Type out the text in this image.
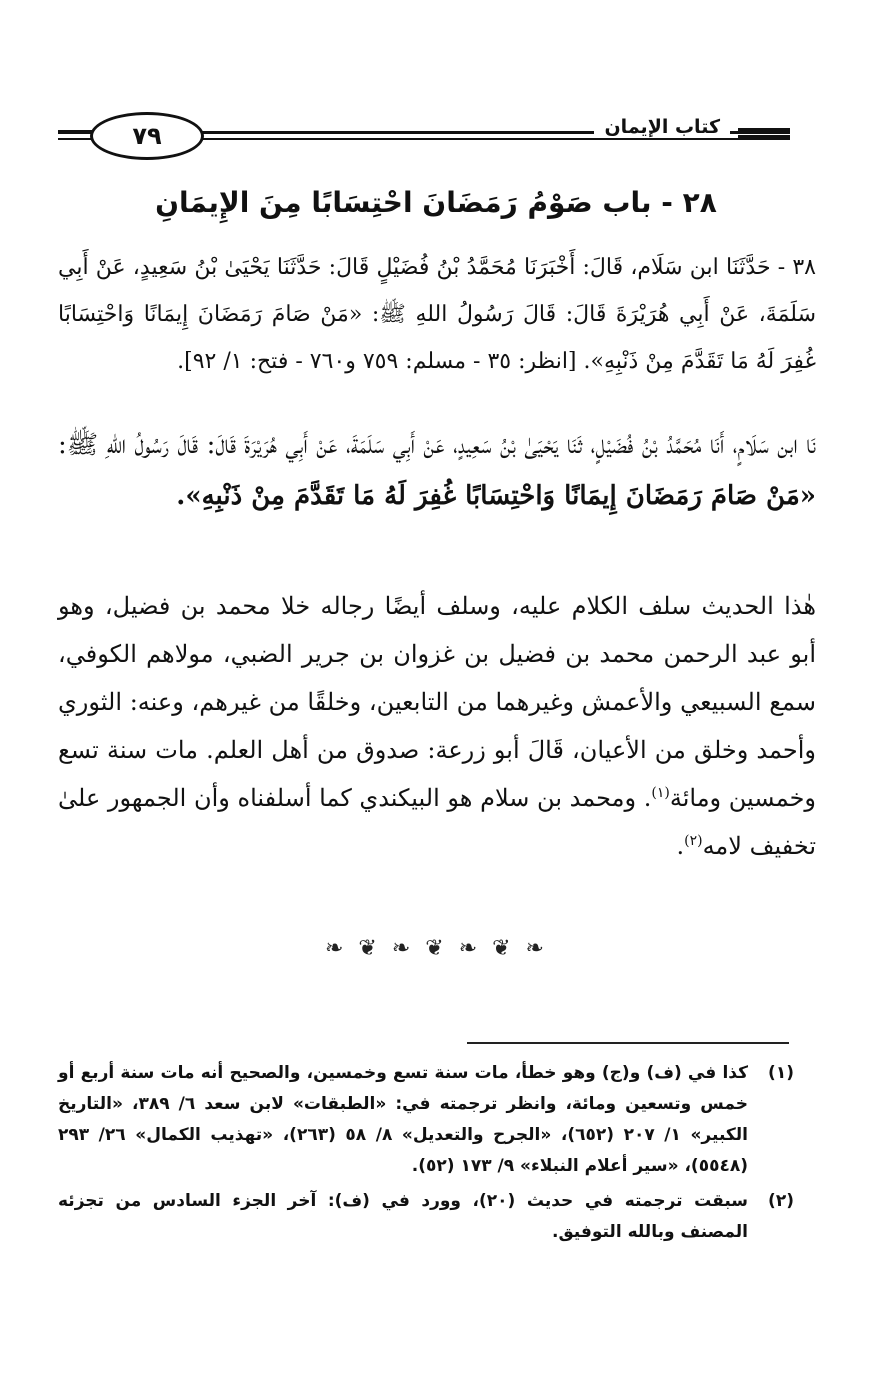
٧٩	كتاب الإيمان
٢٨ - باب صَوْمُ رَمَضَانَ احْتِسَابًا مِنَ الإِيمَانِ
٣٨ - حَدَّثَنَا ابن سَلَام، قَالَ: أَخْبَرَنَا مُحَمَّدُ بْنُ فُضَيْلٍ قَالَ: حَدَّثَنَا يَحْيَىٰ بْنُ سَعِيدٍ، عَنْ أَبِي سَلَمَةَ، عَنْ أَبِي هُرَيْرَةَ قَالَ: قَالَ رَسُولُ اللهِ ﷺ: «مَنْ صَامَ رَمَضَانَ إِيمَانًا وَاحْتِسَابًا غُفِرَ لَهُ مَا تَقَدَّمَ مِنْ ذَنْبِهِ». [انظر: ٣٥ - مسلم: ٧٥٩ و٧٦٠ - فتح: ١/ ٩٢].
نَا ابن سَلَامٍ، أَنَا مُحَمَّدُ بْنُ فُضَيْلٍ، ثَنَا يَحْيَىٰ بْنُ سَعِيدٍ، عَنْ أَبِي سَلَمَةَ، عَنْ أَبِي هُرَيْرَةَ قَالَ: قَالَ رَسُولُ اللهِ ﷺ: «مَنْ صَامَ رَمَضَانَ إِيمَانًا وَاحْتِسَابًا غُفِرَ لَهُ مَا تَقَدَّمَ مِنْ ذَنْبِهِ».
هٰذا الحديث سلف الكلام عليه، وسلف أيضًا رجاله خلا محمد بن فضيل، وهو أبو عبد الرحمن محمد بن فضيل بن غزوان بن جرير الضبي، مولاهم الكوفي، سمع السبيعي والأعمش وغيرهما من التابعين، وخلقًا من غيرهم، وعنه: الثوري وأحمد وخلق من الأعيان، قَالَ أبو زرعة: صدوق من أهل العلم. مات سنة تسع وخمسين ومائة$^{(١)}$. ومحمد بن سلام هو البيكندي كما أسلفناه وأن الجمهور علىٰ تخفيف لامه$^{(٢)}$.
❧ ❦ ❧ ❦ ❧ ❦ ❧
(١)
كذا في (ف) و(ج) وهو خطأ، مات سنة تسع وخمسين، والصحيح أنه مات سنة أربع أو خمس وتسعين ومائة، وانظر ترجمته في: «الطبقات» لابن سعد ٦/ ٣٨٩، «التاريخ الكبير» ١/ ٢٠٧ (٦٥٢)، «الجرح والتعديل» ٨/ ٥٨ (٢٦٣)، «تهذيب الكمال» ٢٦/ ٢٩٣ (٥٥٤٨)، «سير أعلام النبلاء» ٩/ ١٧٣ (٥٢).
(٢)
سبقت ترجمته في حديث (٢٠)، وورد في (ف): آخر الجزء السادس من تجزئه المصنف وبالله التوفيق.
